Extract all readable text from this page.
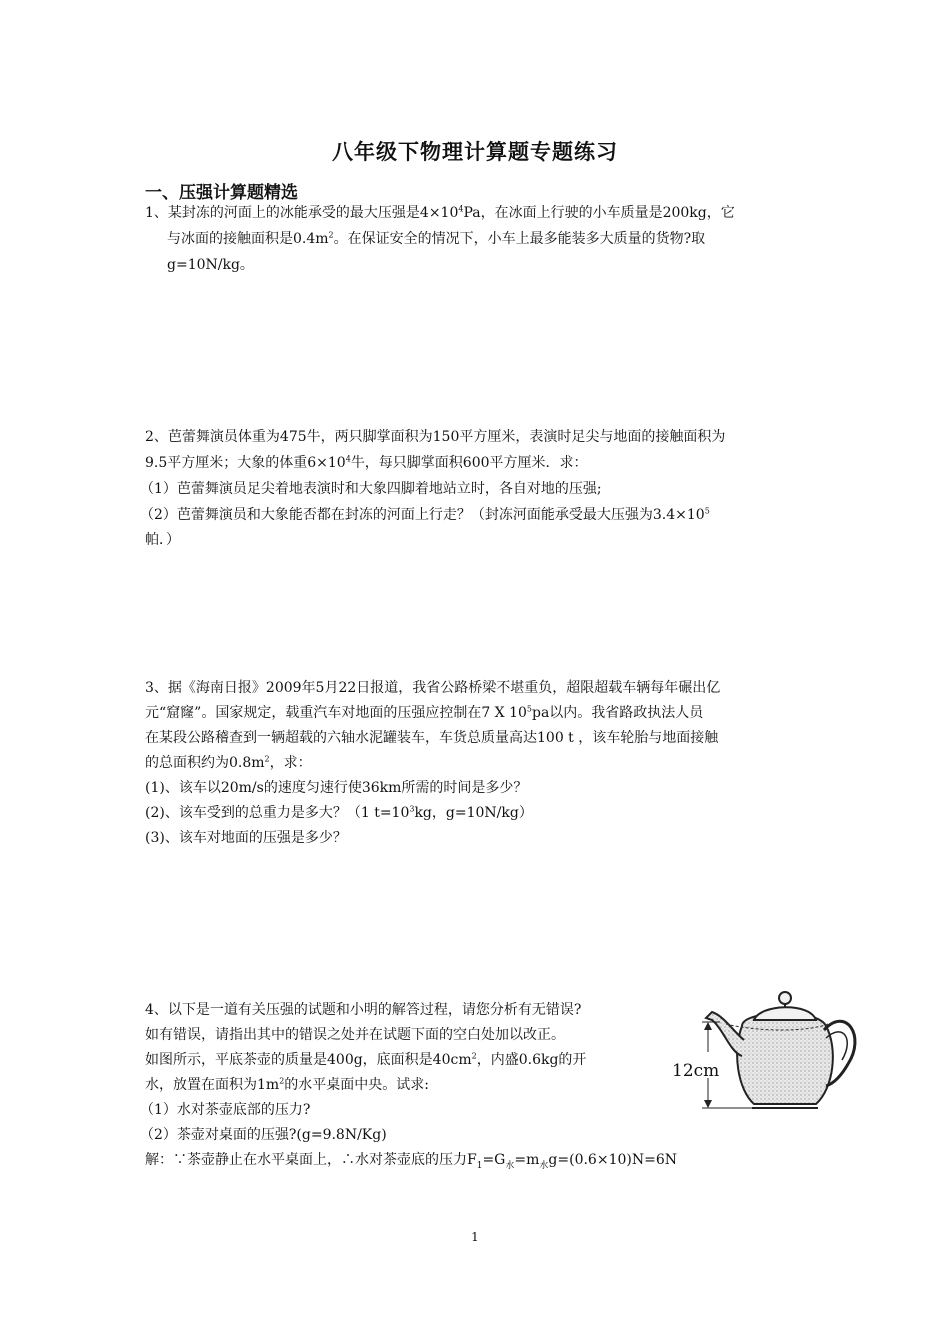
八年级下物理计算题专题练习
一、压强计算题精选
1、某封冻的河面上的冰能承受的最大压强是$4\times 10^4Pa$，在冰面上行驶的小车质量是200kg，它
与冰面的接触面积是$0.4m^2$。在保证安全的情况下，小车上最多能装多大质量的货物?取
g=10N/kg。
2、芭蕾舞演员体重为475牛，两只脚掌面积为150平方厘米，表演时足尖与地面的接触面积为
9.5平方厘米；大象的体重$6\times 10^4$牛，每只脚掌面积600平方厘米．求：
（1）芭蕾舞演员足尖着地表演时和大象四脚着地站立时，各自对地的压强;
（2）芭蕾舞演员和大象能否都在封冻的河面上行走？（封冻河面能承受最大压强为$3.4\times 10^5$
帕．）
3、据《海南日报》2009年5月22日报道，我省公路桥梁不堪重负，超限超载车辆每年碾出亿
元“窟窿”。国家规定，载重汽车对地面的压强应控制在7 X $10^5pa$以内。我省路政执法人员
在某段公路稽查到一辆超载的六轴水泥罐装车，车货总质量高达100 t ，该车轮胎与地面接触
的总面积约为$0.8m^2$，求：
(1)、该车以20m/s的速度匀速行使36km所需的时间是多少？
(2)、该车受到的总重力是多大？（1 $t=10^3kg$，g=10N/kg）
(3)、该车对地面的压强是多少？
4、以下是一道有关压强的试题和小明的解答过程，请您分析有无错误?
如有错误，请指出其中的错误之处并在试题下面的空白处加以改正。
如图所示，平底茶壶的质量是400g，底面积是$40cm^2$，内盛0.6kg的开
水，放置在面积为$1m^2$的水平桌面中央。试求:
（1）水对茶壶底部的压力?
（2）茶壶对桌面的压强?(g=9.8N/Kg)
解：∵茶壶静止在水平桌面上，∴水对茶壶底的压力$F_1=G_水=m_水g=(0.6\times 10)N=6N$
12cm
1
